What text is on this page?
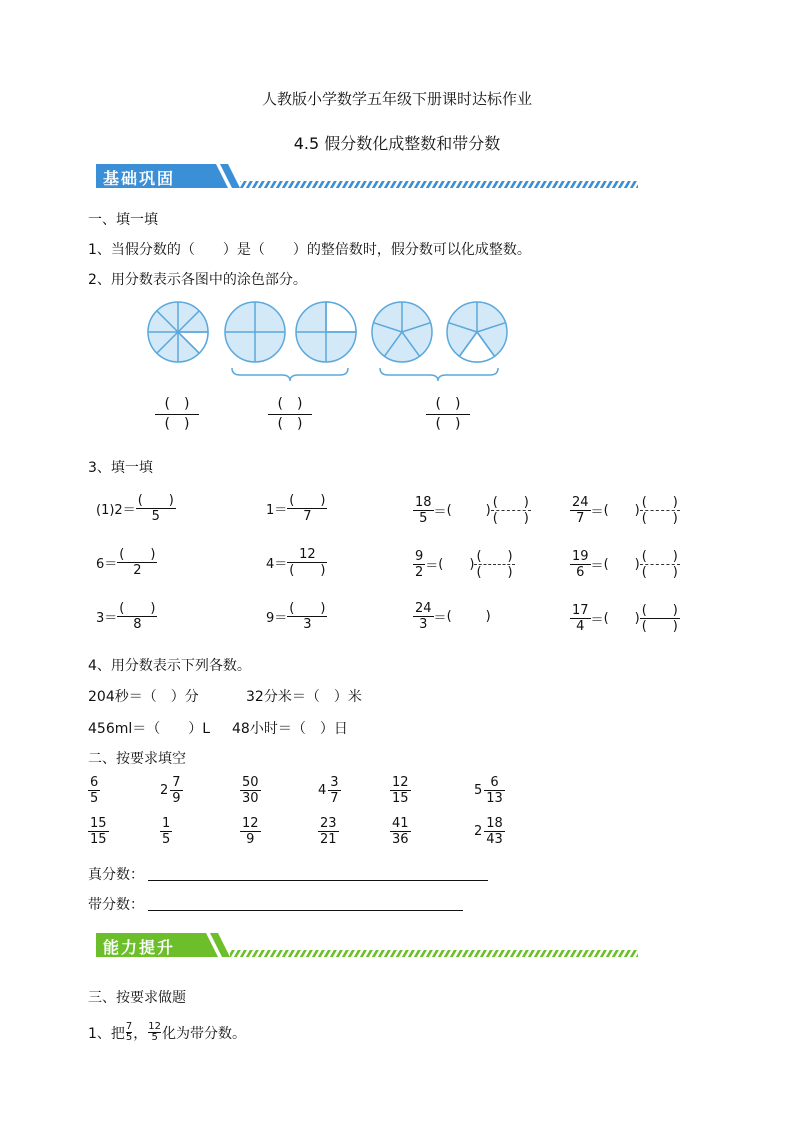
人教版小学数学五年级下册课时达标作业
4.5 假分数化成整数和带分数
基础巩固
一、填一填
1、当假分数的（　　）是（　　）的整倍数时，假分数可以化成整数。
2、用分数表示各图中的涂色部分。
(　)
(　)
(　)
(　)
(　)
(　)
3、填一填
$(1)2= \frac{( )}{5}$	$1= \frac{( )}{7}$	$\frac{18}{5}$ ＝ (	) $\frac{( )}{( )}$	$\frac{24}{7}$ ＝ ( ) $\frac{( )}{( )}$
$6= \frac{( )}{2}$	$4= \frac{12}{( )}$	$\frac{9}{2}$ ＝ ( ) $\frac{( )}{( )}$	$\frac{19}{6}$ ＝ ( ) $\frac{( )}{( )}$
$3= \frac{( )}{8}$	$9= \frac{( )}{3}$	$\frac{24}{3}$ ＝ (	)	$\frac{17}{4}$ ＝ ( ) $\frac{( )}{( )}$
4、用分数表示下列各数。
204秒＝（　）分	32分米＝（　）米
456ml＝（　　）L 48小时＝（　）日
二、按要求填空
$\frac{6}{5}$	$2 \frac{7}{9}$	$\frac{50}{30}$	$4 \frac{3}{7}$	$\frac{12}{15}$	$5 \frac{6}{13}$
$\frac{15}{15}$	$\frac{1}{5}$	$\frac{12}{9}$	$\frac{23}{21}$	$\frac{41}{36}$	$2 \frac{18}{43}$
真分数：
带分数：
能力提升
三、按要求做题
1、把 7
5 ， 12
5 化为带分数。
